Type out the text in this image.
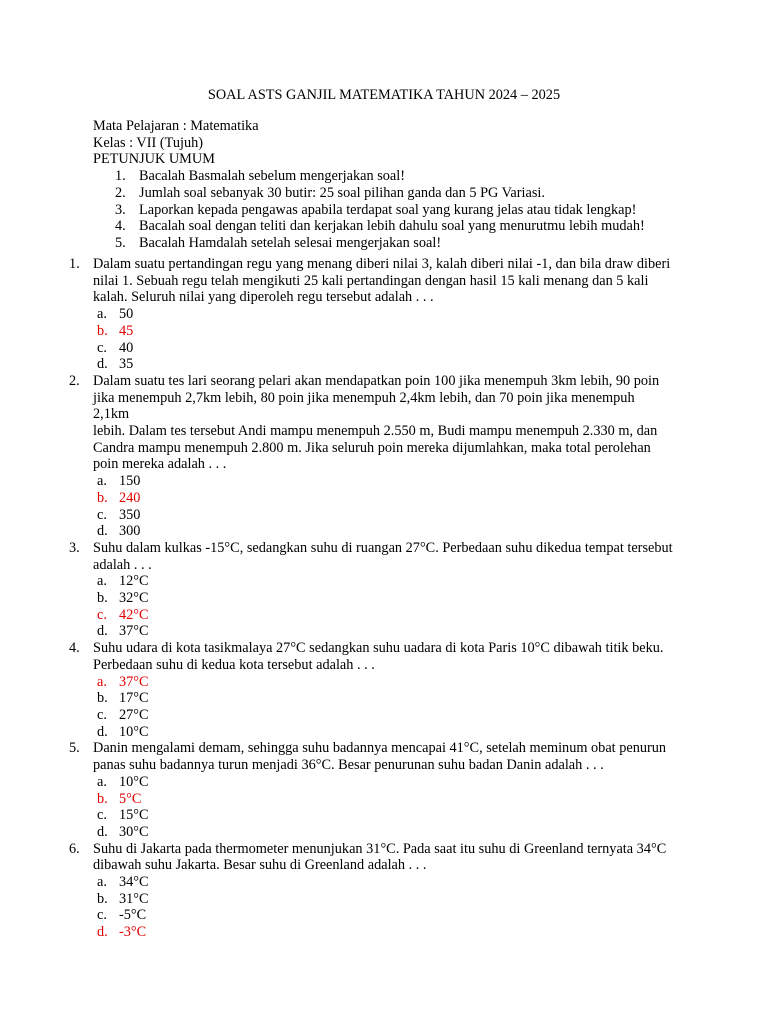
SOAL ASTS GANJIL MATEMATIKA TAHUN 2024 – 2025
Mata Pelajaran : Matematika
Kelas : VII (Tujuh)
PETUNJUK UMUM
1. Bacalah Basmalah sebelum mengerjakan soal!
2. Jumlah soal sebanyak 30 butir: 25 soal pilihan ganda dan 5 PG Variasi.
3. Laporkan kepada pengawas apabila terdapat soal yang kurang jelas atau tidak lengkap!
4. Bacalah soal dengan teliti dan kerjakan lebih dahulu soal yang menurutmu lebih mudah!
5. Bacalah Hamdalah setelah selesai mengerjakan soal!
1. Dalam suatu pertandingan regu yang menang diberi nilai 3, kalah diberi nilai -1, dan bila draw diberi
nilai 1. Sebuah regu telah mengikuti 25 kali pertandingan dengan hasil 15 kali menang dan 5 kali
kalah. Seluruh nilai yang diperoleh regu tersebut adalah . . .
a. 50
b. 45
c. 40
d. 35
2. Dalam suatu tes lari seorang pelari akan mendapatkan poin 100 jika menempuh 3km lebih, 90 poin
jika menempuh 2,7km lebih, 80 poin jika menempuh 2,4km lebih, dan 70 poin jika menempuh 2,1km
lebih. Dalam tes tersebut Andi mampu menempuh 2.550 m, Budi mampu menempuh 2.330 m, dan
Candra mampu menempuh 2.800 m. Jika seluruh poin mereka dijumlahkan, maka total perolehan
poin mereka adalah . . .
a. 150
b. 240
c. 350
d. 300
3. Suhu dalam kulkas -15°C, sedangkan suhu di ruangan 27°C. Perbedaan suhu dikedua tempat tersebut
adalah . . .
a. 12°C
b. 32°C
c. 42°C
d. 37°C
4. Suhu udara di kota tasikmalaya 27°C sedangkan suhu uadara di kota Paris 10°C dibawah titik beku.
Perbedaan suhu di kedua kota tersebut adalah . . .
a. 37°C
b. 17°C
c. 27°C
d. 10°C
5. Danin mengalami demam, sehingga suhu badannya mencapai 41°C, setelah meminum obat penurun
panas suhu badannya turun menjadi 36°C. Besar penurunan suhu badan Danin adalah . . .
a. 10°C
b. 5°C
c. 15°C
d. 30°C
6. Suhu di Jakarta pada thermometer menunjukan 31°C. Pada saat itu suhu di Greenland ternyata 34°C
dibawah suhu Jakarta. Besar suhu di Greenland adalah . . .
a. 34°C
b. 31°C
c. -5°C
d. -3°C
